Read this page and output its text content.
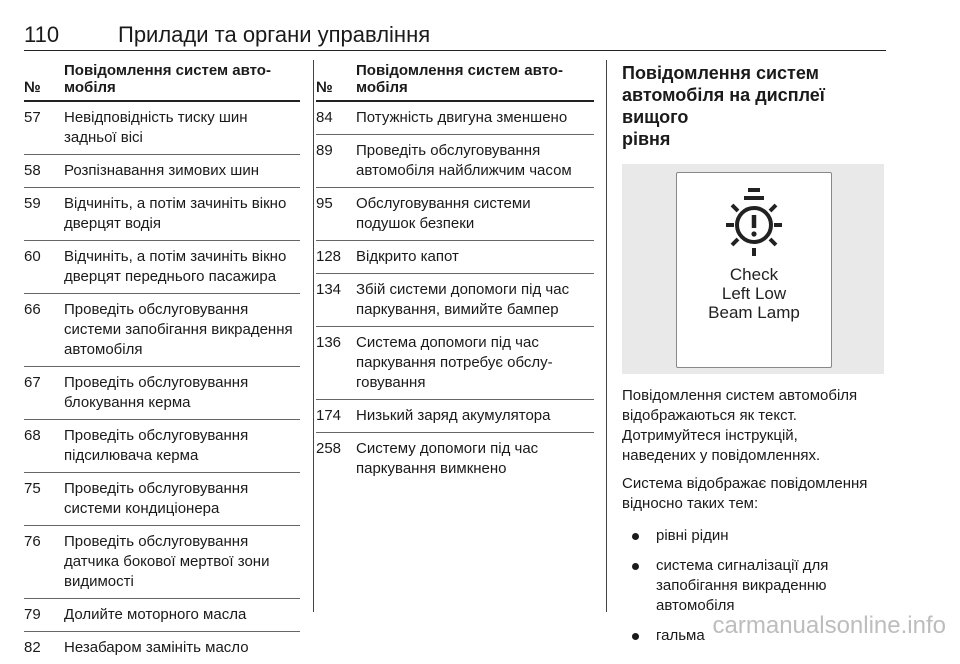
110	Прилади та органи управління
№
Повідомлення систем автомобіля
57	Невідповідність тиску шин задньої вісі
58	Розпізнавання зимових шин
59	Відчиніть, а потім зачиніть вікно дверцят водія
60	Відчиніть, а потім зачиніть вікно дверцят переднього пасажира
66	Проведіть обслуговування системи запобігання викрадення автомобіля
67	Проведіть обслуговування блокування керма
68	Проведіть обслуговування підсилювача керма
75	Проведіть обслуговування системи кондиціонера
76	Проведіть обслуговування датчика бокової мертвої зони видимості
79	Долийте моторного масла
82	Незабаром замініть масло
№
Повідомлення систем автомобіля
84	Потужність двигуна зменшено
89	Проведіть обслуговування автомобіля найближчим часом
95	Обслуговування системи подушок безпеки
128 Відкрито капот
134 Збій системи допомоги під час паркування, вимийте бампер
136 Система допомоги під час паркування потребує обслуговування
174 Низький заряд акумулятора
258 Систему допомоги під час паркування вимкнено
Повідомлення систем
автомобіля на дисплеї вищого
рівня
Check
Left Low
Beam Lamp
Повідомлення систем автомобіля
відображаються як текст.
Дотримуйтеся інструкцій,
наведених у повідомленнях.
Система відображає повідомлення
відносно таких тем:
рівні рідин
система сигналізації для
запобігання викраденню
автомобіля
гальма carmanualsonline.info
